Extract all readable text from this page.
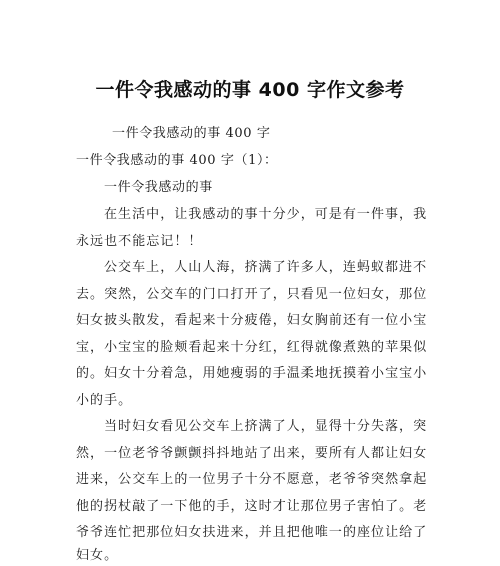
一件令我感动的事 400 字作文参考
一件令我感动的事 400 字
一件令我感动的事 400 字（1）：
一件令我感动的事
在生活中，让我感动的事十分少，可是有一件事，我
永远也不能忘记！！
公交车上，人山人海，挤满了许多人，连蚂蚁都进不
去。突然，公交车的门口打开了，只看见一位妇女，那位
妇女披头散发，看起来十分疲倦，妇女胸前还有一位小宝
宝，小宝宝的脸颊看起来十分红，红得就像煮熟的苹果似
的。妇女十分着急，用她瘦弱的手温柔地抚摸着小宝宝小
小的手。
当时妇女看见公交车上挤满了人，显得十分失落，突
然，一位老爷爷颤颤抖抖地站了出来，要所有人都让妇女
进来，公交车上的一位男子十分不愿意，老爷爷突然拿起
他的拐杖敲了一下他的手，这时才让那位男子害怕了。老
爷爷连忙把那位妇女扶进来，并且把他唯一的座位让给了
妇女。
